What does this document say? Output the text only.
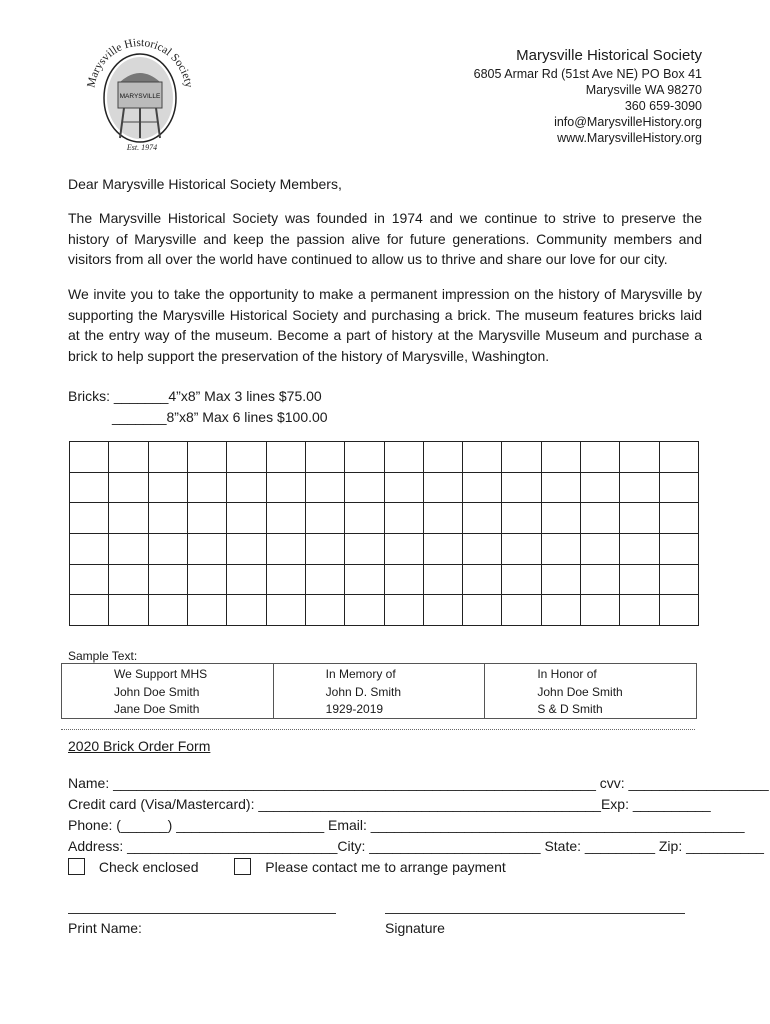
MARYSVILLE
Marysville Historical Society
Est. 1974
Marysville Historical Society
6805 Armar Rd (51st Ave NE) PO Box 41
Marysville WA 98270
360 659-3090
info@MarysvilleHistory.org
www.MarysvilleHistory.org
Dear Marysville Historical Society Members,
The Marysville Historical Society was founded in 1974 and we continue to strive to preserve the history of Marysville and keep the passion alive for future generations. Community members and visitors from all over the world have continued to allow us to thrive and share our love for our city.
We invite you to take the opportunity to make a permanent impression on the history of Marysville by supporting the Marysville Historical Society and purchasing a brick. The museum features bricks laid at the entry way of the museum. Become a part of history at the Marysville Museum and purchase a brick to help support the preservation of the history of Marysville, Washington.
Bricks: _______4”x8” Max 3 lines $75.00
_______8”x8” Max 6 lines $100.00

Sample Text:
We Support MHS
John Doe Smith
Jane Doe Smith
In Memory of
John D. Smith
1929-2019
In Honor of
John Doe Smith
S & D Smith
2020 Brick Order Form
Name: ______________________________________________________________ cvv: __________________
Credit card (Visa/Mastercard): ____________________________________________Exp: __________
Phone: (______) ___________________ Email: ________________________________________________
Address: ___________________________City: ______________________ State: _________ Zip: __________
Check enclosed	Please contact me to arrange payment
Print Name:	Signature
